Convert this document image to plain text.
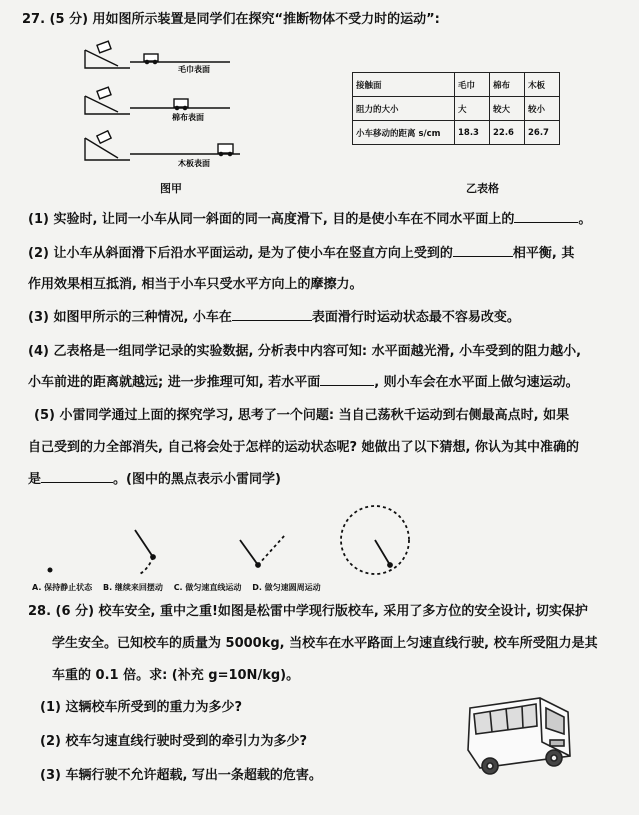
27. (5 分) 用如图所示装置是同学们在探究“推断物体不受力时的运动”:
毛巾表面
棉布表面
木板表面
图甲
接触面	毛巾	棉布	木板
阻力的大小	大	较大	较小
小车移动的距离 s/cm	18.3	22.6	26.7
乙表格
(1) 实验时, 让同一小车从同一斜面的同一高度滑下, 目的是使小车在不同水平面上的	。
(2) 让小车从斜面滑下后沿水平面运动, 是为了使小车在竖直方向上受到的	相平衡, 其
作用效果相互抵消, 相当于小车只受水平方向上的摩擦力。
(3) 如图甲所示的三种情况, 小车在	表面滑行时运动状态最不容易改变。
(4) 乙表格是一组同学记录的实验数据, 分析表中内容可知: 水平面越光滑, 小车受到的阻力越小,
小车前进的距离就越远; 进一步推理可知, 若水平面	, 则小车会在水平面上做匀速运动。
(5) 小雷同学通过上面的探究学习, 思考了一个问题: 当自己荡秋千运动到右侧最高点时, 如果
自己受到的力全部消失, 自己将会处于怎样的运动状态呢? 她做出了以下猜想, 你认为其中准确的
是	。(图中的黑点表示小雷同学)
A. 保持静止状态 B. 继续来回摆动 C. 做匀速直线运动 D. 做匀速圆周运动
28. (6 分) 校车安全, 重中之重!如图是松雷中学现行版校车, 采用了多方位的安全设计, 切实保护
学生安全。已知校车的质量为 5000kg, 当校车在水平路面上匀速直线行驶, 校车所受阻力是其
车重的 0.1 倍。求: (补充 g=10N/kg)。
(1) 这辆校车所受到的重力为多少?
(2) 校车匀速直线行驶时受到的牵引力为多少?
(3) 车辆行驶不允许超载, 写出一条超载的危害。
